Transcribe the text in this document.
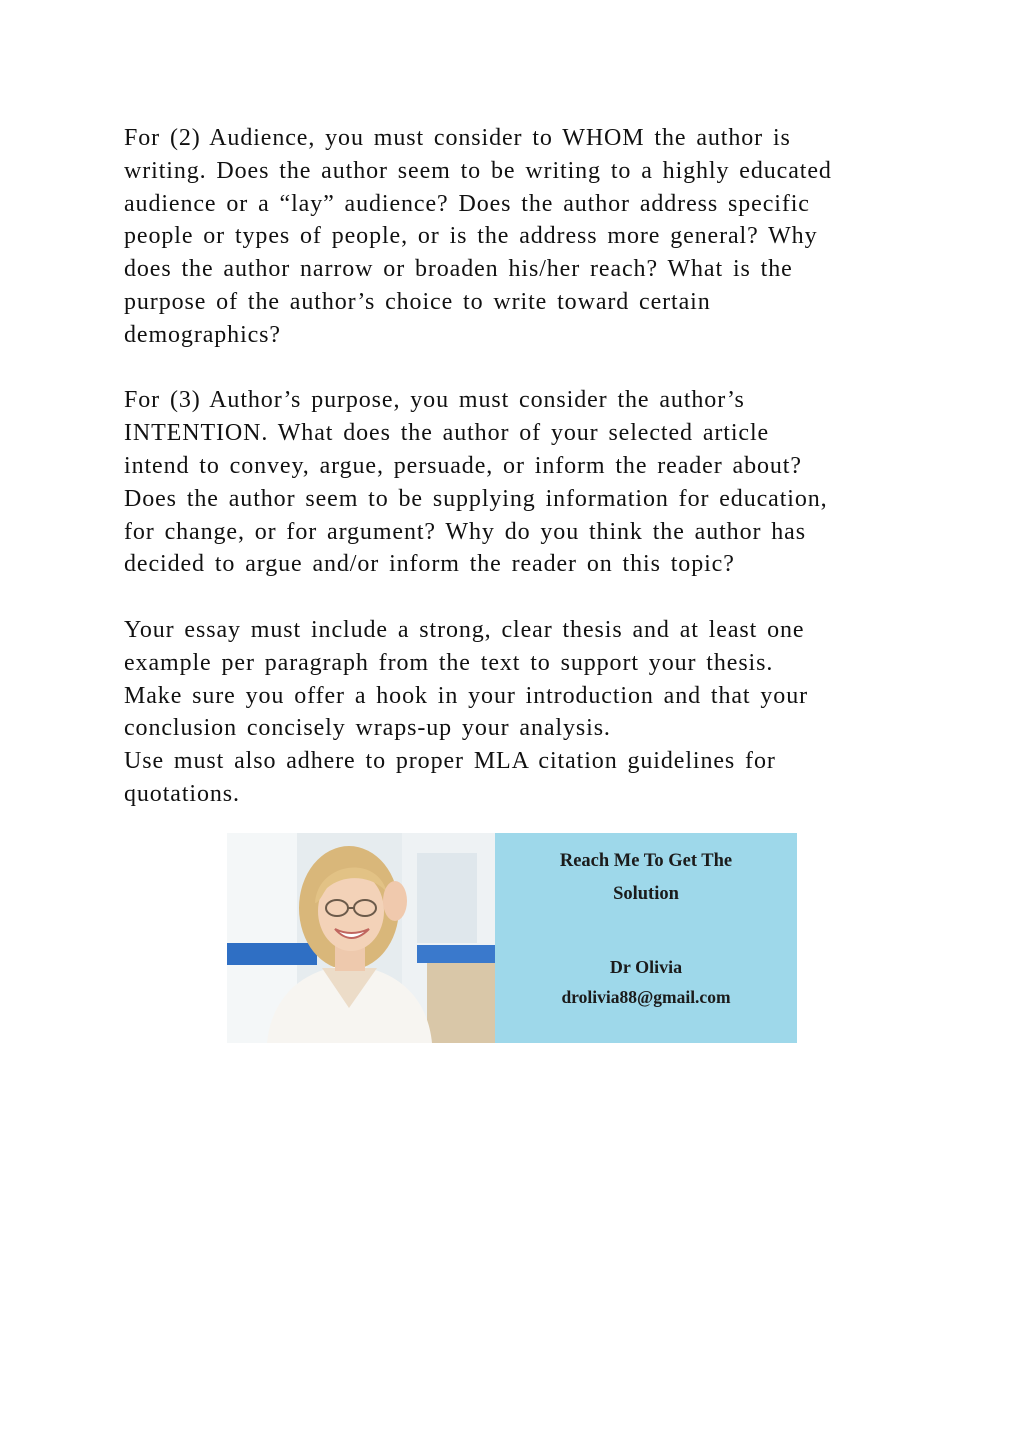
For (2) Audience, you must consider to WHOM the author is
writing. Does the author seem to be writing to a highly educated
audience or a “lay” audience? Does the author address specific
people or types of people, or is the address more general? Why
does the author narrow or broaden his/her reach? What is the
purpose of the author’s choice to write toward certain
demographics?

For (3) Author’s purpose, you must consider the author’s
INTENTION. What does the author of your selected article
intend to convey, argue, persuade, or inform the reader about?
Does the author seem to be supplying information for education,
for change, or for argument? Why do you think the author has
decided to argue and/or inform the reader on this topic?

Your essay must include a strong, clear thesis and at least one
example per paragraph from the text to support your thesis.
Make sure you offer a hook in your introduction and that your
conclusion concisely wraps-up your analysis.
Use must also adhere to proper MLA citation guidelines for
quotations.

Reach Me To Get The
Solution
Dr Olivia
drolivia88@gmail.com
